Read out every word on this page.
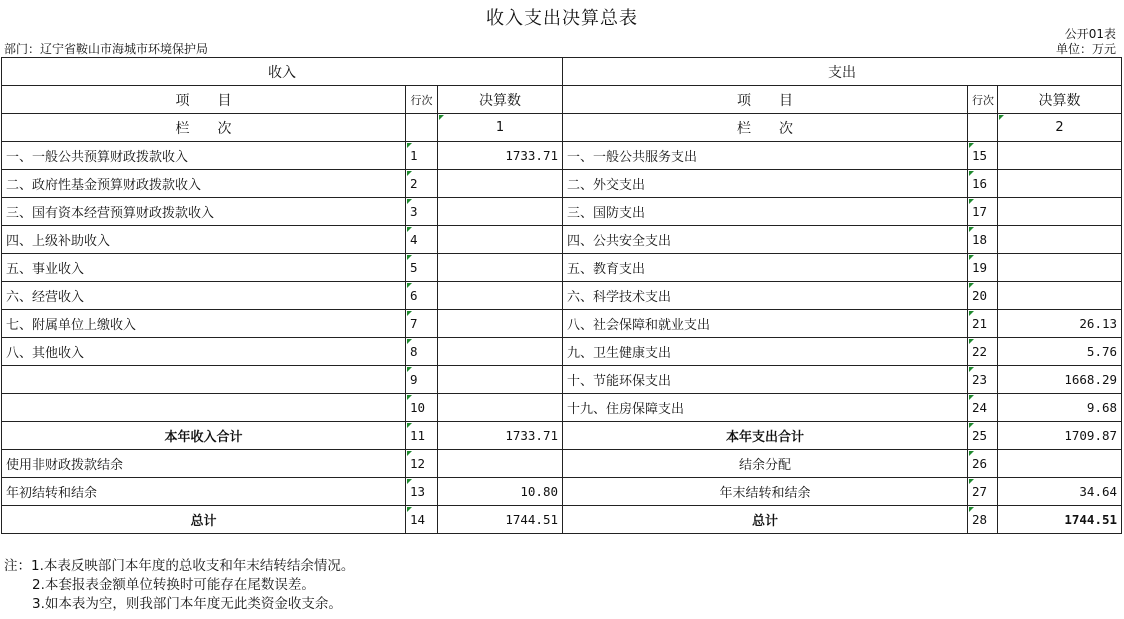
收入支出决算总表
公开01表
部门：辽宁省鞍山市海城市环境保护局	单位：万元
收入			支出		
项　　目	行次	决算数	项　　目	行次	决算数
栏　　次		1	栏　　次		2
一、一般公共预算财政拨款收入	1	1733.71	一、一般公共服务支出	15	
二、政府性基金预算财政拨款收入	2		二、外交支出	16	
三、国有资本经营预算财政拨款收入	3		三、国防支出	17	
四、上级补助收入	4		四、公共安全支出	18	
五、事业收入	5		五、教育支出	19	
六、经营收入	6		六、科学技术支出	20	
七、附属单位上缴收入	7		八、社会保障和就业支出	21	26.13
八、其他收入	8		九、卫生健康支出	22	5.76
	9		十、节能环保支出	23	1668.29
	10		十九、住房保障支出	24	9.68
本年收入合计	11	1733.71	本年支出合计	25	1709.87
使用非财政拨款结余	12		结余分配	26	
年初结转和结余	13	10.80	年末结转和结余	27	34.64
总计	14	1744.51	总计	28	1744.51
注：1.本表反映部门本年度的总收支和年末结转结余情况。
2.本套报表金额单位转换时可能存在尾数误差。
3.如本表为空，则我部门本年度无此类资金收支余。
